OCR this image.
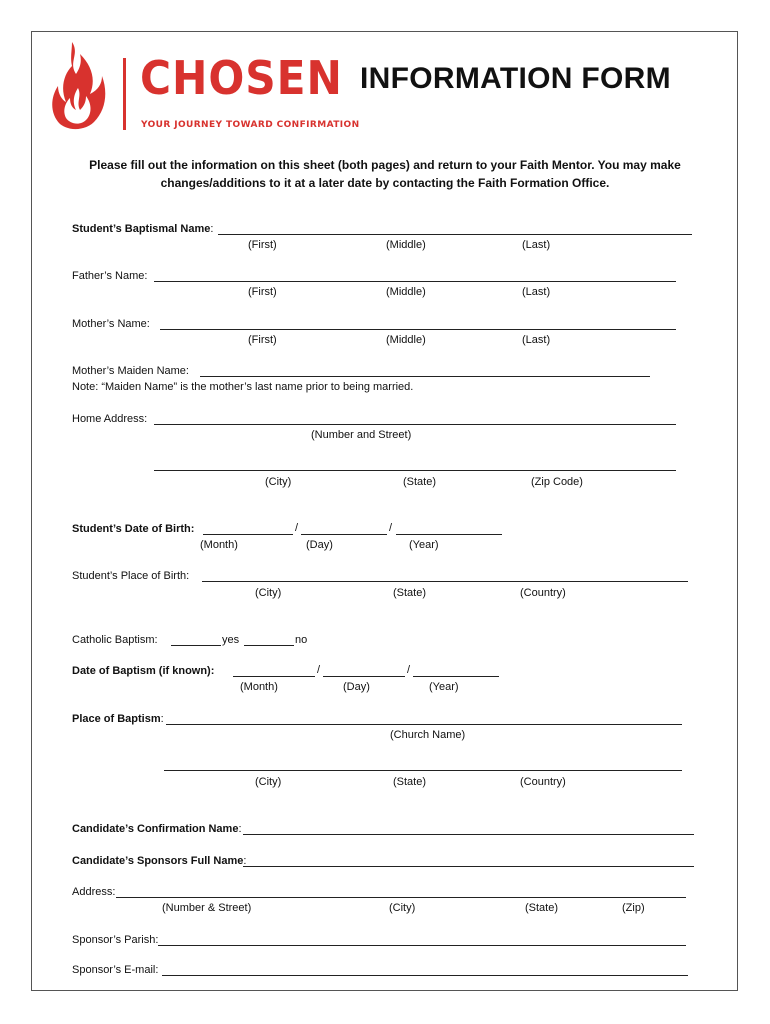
CHOSEN
YOUR JOURNEY TOWARD CONFIRMATION
INFORMATION FORM
Please fill out the information on this sheet (both pages) and return to your Faith Mentor. You may make
changes/additions to it at a later date by contacting the Faith Formation Office.
Student’s Baptismal Name:
(First)	(Middle)	(Last)
Father’s Name:
(First)	(Middle)	(Last)
Mother’s Name:
(First)	(Middle)	(Last)
Mother’s Maiden Name:
Note: “Maiden Name” is the mother’s last name prior to being married.
Home Address:
(Number and Street)
(City)	(State)	(Zip Code)
Student’s Date of Birth:	/	/
(Month)	(Day)	(Year)
Student’s Place of Birth:
(City)	(State)	(Country)
Catholic Baptism:	yes	no
Date of Baptism (if known):	/	/
(Month)	(Day)	(Year)
Place of Baptism:
(Church Name)
(City)	(State)	(Country)
Candidate’s Confirmation Name:
Candidate’s Sponsors Full Name:
Address:
(Number & Street)	(City)	(State)	(Zip)
Sponsor’s Parish:
Sponsor’s E-mail:
